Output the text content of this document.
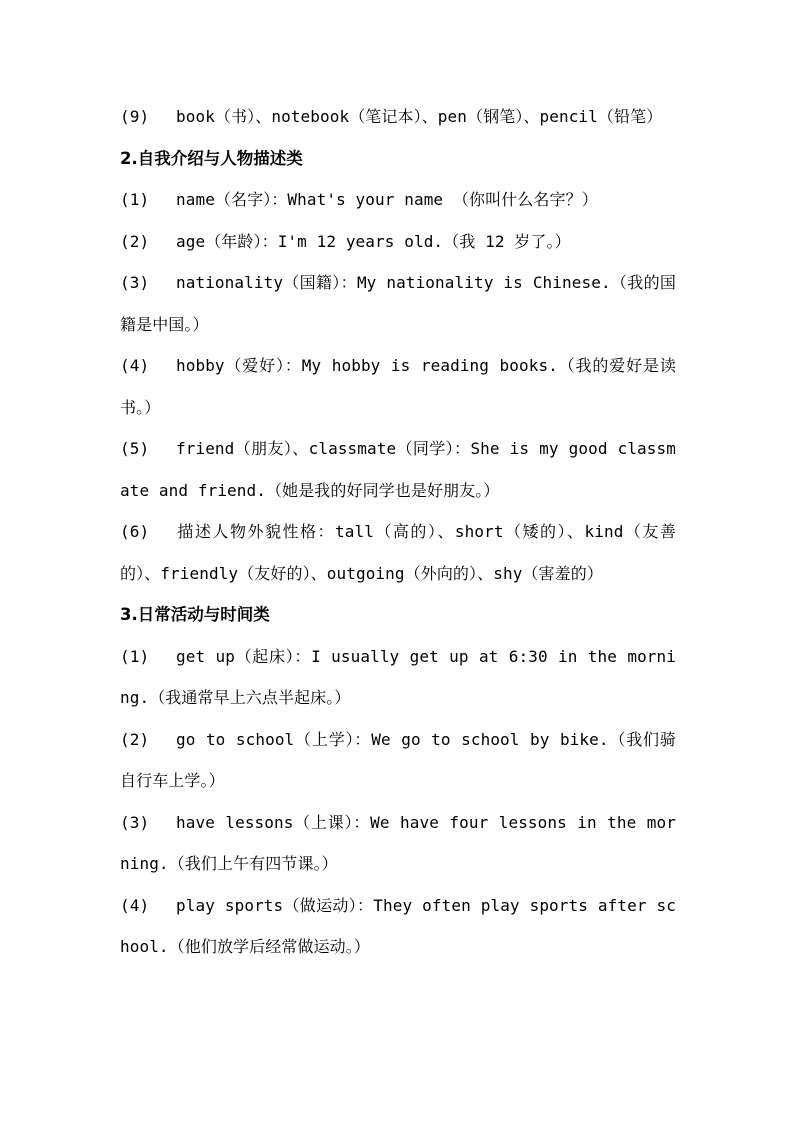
(9) book（书）、notebook（笔记本）、pen（钢笔）、pencil（铅笔）

2.自我介绍与人物描述类

(1) name（名字）：What's your name （你叫什么名字？）

(2) age（年龄）：I'm 12 years old.（我 12 岁了。）

(3) nationality（国籍）：My nationality is Chinese.（我的国籍是中国。）

(4) hobby（爱好）：My hobby is reading books.（我的爱好是读书。）

(5) friend（朋友）、classmate（同学）：She is my good classmate and friend.（她是我的好同学也是好朋友。）

(6) 描述人物外貌性格：tall（高的）、short（矮的）、kind（友善的）、friendly（友好的）、outgoing（外向的）、shy（害羞的）

3.日常活动与时间类

(1) get up（起床）：I usually get up at 6:30 in the morning.（我通常早上六点半起床。）

(2) go to school（上学）：We go to school by bike.（我们骑自行车上学。）

(3) have lessons（上课）：We have four lessons in the morning.（我们上午有四节课。）

(4) play sports（做运动）：They often play sports after school.（他们放学后经常做运动。）
